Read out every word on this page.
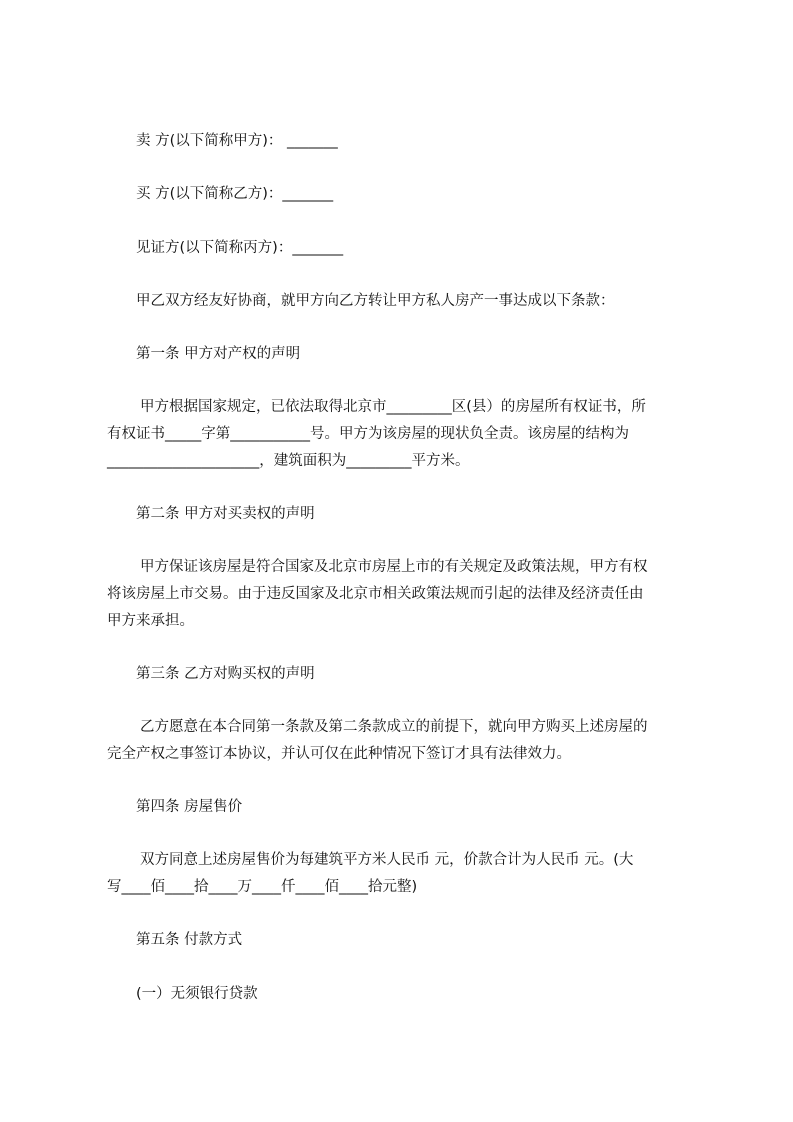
卖 方(以下简称甲方)： _______
买 方(以下简称乙方)：_______
见证方(以下简称丙方)：_______
甲乙双方经友好协商，就甲方向乙方转让甲方私人房产一事达成以下条款：
第一条 甲方对产权的声明
甲方根据国家规定，已依法取得北京市_________区(县）的房屋所有权证书，所
有权证书_____字第___________号。甲方为该房屋的现状负全责。该房屋的结构为
_____________________，建筑面积为_________平方米。
第二条 甲方对买卖权的声明
甲方保证该房屋是符合国家及北京市房屋上市的有关规定及政策法规，甲方有权
将该房屋上市交易。由于违反国家及北京市相关政策法规而引起的法律及经济责任由
甲方来承担。
第三条 乙方对购买权的声明
乙方愿意在本合同第一条款及第二条款成立的前提下，就向甲方购买上述房屋的
完全产权之事签订本协议，并认可仅在此种情况下签订才具有法律效力。
第四条 房屋售价
双方同意上述房屋售价为每建筑平方米人民币 元，价款合计为人民币 元。(大
写____佰____拾____万____仟____佰____拾元整)
第五条 付款方式
(一）无须银行贷款
